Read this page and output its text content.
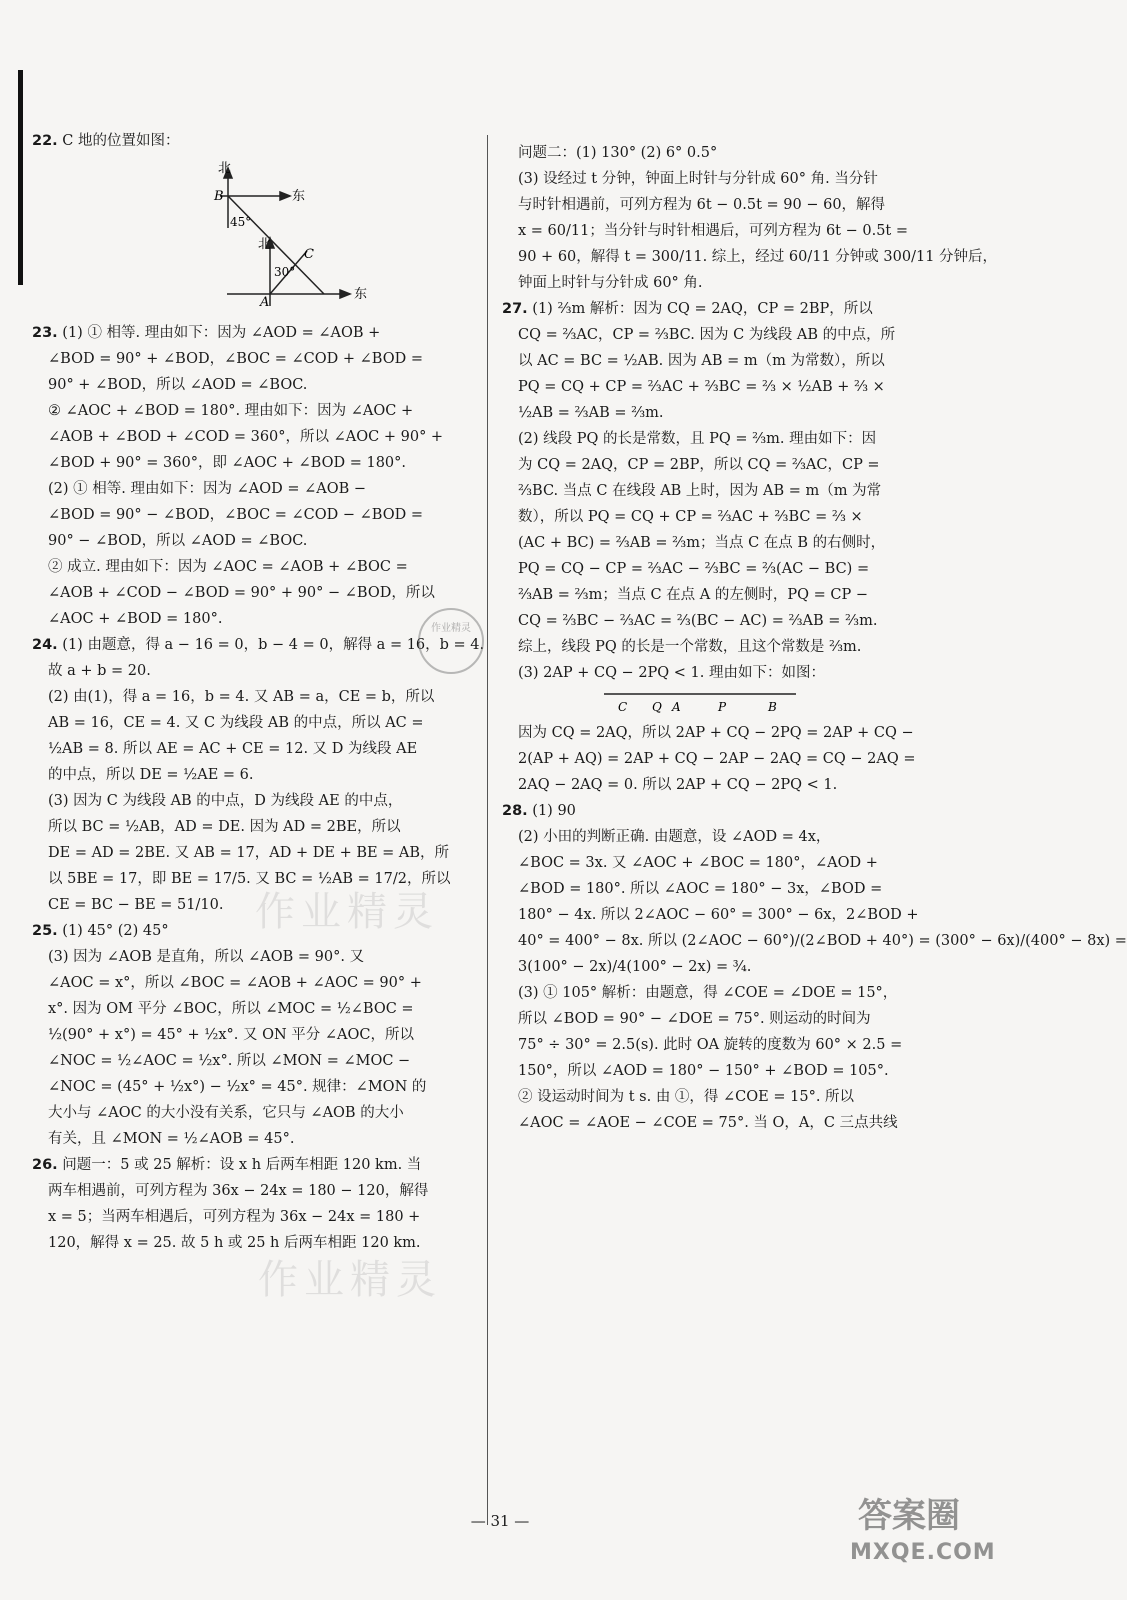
22. C 地的位置如图：
北
东
B
45°
北
C
30°
A
东
23. (1) ① 相等. 理由如下：因为 ∠AOD = ∠AOB +
∠BOD = 90° + ∠BOD，∠BOC = ∠COD + ∠BOD =
90° + ∠BOD，所以 ∠AOD = ∠BOC.
② ∠AOC + ∠BOD = 180°. 理由如下：因为 ∠AOC +
∠AOB + ∠BOD + ∠COD = 360°，所以 ∠AOC + 90° +
∠BOD + 90° = 360°，即 ∠AOC + ∠BOD = 180°.
(2) ① 相等. 理由如下：因为 ∠AOD = ∠AOB −
∠BOD = 90° − ∠BOD，∠BOC = ∠COD − ∠BOD =
90° − ∠BOD，所以 ∠AOD = ∠BOC.
② 成立. 理由如下：因为 ∠AOC = ∠AOB + ∠BOC =
∠AOB + ∠COD − ∠BOD = 90° + 90° − ∠BOD，所以
∠AOC + ∠BOD = 180°.
24. (1) 由题意，得 a − 16 = 0，b − 4 = 0，解得 a = 16，b = 4.
故 a + b = 20.
(2) 由(1)，得 a = 16，b = 4. 又 AB = a，CE = b，所以
AB = 16，CE = 4. 又 C 为线段 AB 的中点，所以 AC =
½AB = 8. 所以 AE = AC + CE = 12. 又 D 为线段 AE
的中点，所以 DE = ½AE = 6.
(3) 因为 C 为线段 AB 的中点，D 为线段 AE 的中点，
所以 BC = ½AB，AD = DE. 因为 AD = 2BE，所以
DE = AD = 2BE. 又 AB = 17，AD + DE + BE = AB，所
以 5BE = 17，即 BE = 17/5. 又 BC = ½AB = 17/2，所以
CE = BC − BE = 51/10.
25. (1) 45° (2) 45°
(3) 因为 ∠AOB 是直角，所以 ∠AOB = 90°. 又
∠AOC = x°，所以 ∠BOC = ∠AOB + ∠AOC = 90° +
x°. 因为 OM 平分 ∠BOC，所以 ∠MOC = ½∠BOC =
½(90° + x°) = 45° + ½x°. 又 ON 平分 ∠AOC，所以
∠NOC = ½∠AOC = ½x°. 所以 ∠MON = ∠MOC −
∠NOC = (45° + ½x°) − ½x° = 45°. 规律：∠MON 的
大小与 ∠AOC 的大小没有关系，它只与 ∠AOB 的大小
有关，且 ∠MON = ½∠AOB = 45°.
26. 问题一：5 或 25 解析：设 x h 后两车相距 120 km. 当
两车相遇前，可列方程为 36x − 24x = 180 − 120，解得
x = 5；当两车相遇后，可列方程为 36x − 24x = 180 +
120，解得 x = 25. 故 5 h 或 25 h 后两车相距 120 km.
问题二：(1) 130° (2) 6° 0.5°
(3) 设经过 t 分钟，钟面上时针与分针成 60° 角. 当分针
与时针相遇前，可列方程为 6t − 0.5t = 90 − 60，解得
x = 60/11；当分针与时针相遇后，可列方程为 6t − 0.5t =
90 + 60，解得 t = 300/11. 综上，经过 60/11 分钟或 300/11 分钟后，
钟面上时针与分针成 60° 角.
27. (1) ⅔m 解析：因为 CQ = 2AQ，CP = 2BP，所以
CQ = ⅔AC，CP = ⅔BC. 因为 C 为线段 AB 的中点，所
以 AC = BC = ½AB. 因为 AB = m（m 为常数），所以
PQ = CQ + CP = ⅔AC + ⅔BC = ⅔ × ½AB + ⅔ ×
½AB = ⅔AB = ⅔m.
(2) 线段 PQ 的长是常数，且 PQ = ⅔m. 理由如下：因
为 CQ = 2AQ，CP = 2BP，所以 CQ = ⅔AC，CP =
⅔BC. 当点 C 在线段 AB 上时，因为 AB = m（m 为常
数），所以 PQ = CQ + CP = ⅔AC + ⅔BC = ⅔ ×
(AC + BC) = ⅔AB = ⅔m；当点 C 在点 B 的右侧时，
PQ = CQ − CP = ⅔AC − ⅔BC = ⅔(AC − BC) =
⅔AB = ⅔m；当点 C 在点 A 的左侧时，PQ = CP −
CQ = ⅔BC − ⅔AC = ⅔(BC − AC) = ⅔AB = ⅔m.
综上，线段 PQ 的长是一个常数，且这个常数是 ⅔m.
(3) 2AP + CQ − 2PQ < 1. 理由如下：如图：
C Q A	P	B
因为 CQ = 2AQ，所以 2AP + CQ − 2PQ = 2AP + CQ −
2(AP + AQ) = 2AP + CQ − 2AP − 2AQ = CQ − 2AQ =
2AQ − 2AQ = 0. 所以 2AP + CQ − 2PQ < 1.
28. (1) 90
(2) 小田的判断正确. 由题意，设 ∠AOD = 4x，
∠BOC = 3x. 又 ∠AOC + ∠BOC = 180°，∠AOD +
∠BOD = 180°. 所以 ∠AOC = 180° − 3x，∠BOD =
180° − 4x. 所以 2∠AOC − 60° = 300° − 6x，2∠BOD +
40° = 400° − 8x. 所以 (2∠AOC − 60°)/(2∠BOD + 40°) = (300° − 6x)/(400° − 8x) =
3(100° − 2x)/4(100° − 2x) = ¾.
(3) ① 105° 解析：由题意，得 ∠COE = ∠DOE = 15°，
所以 ∠BOD = 90° − ∠DOE = 75°. 则运动的时间为
75° ÷ 30° = 2.5(s). 此时 OA 旋转的度数为 60° × 2.5 =
150°，所以 ∠AOD = 180° − 150° + ∠BOD = 105°.
② 设运动时间为 t s. 由 ①，得 ∠COE = 15°. 所以
∠AOC = ∠AOE − ∠COE = 75°. 当 O，A，C 三点共线
作业精灵
作业精灵
作业精灵
— 31 —	答案圈
MXQE.COM
